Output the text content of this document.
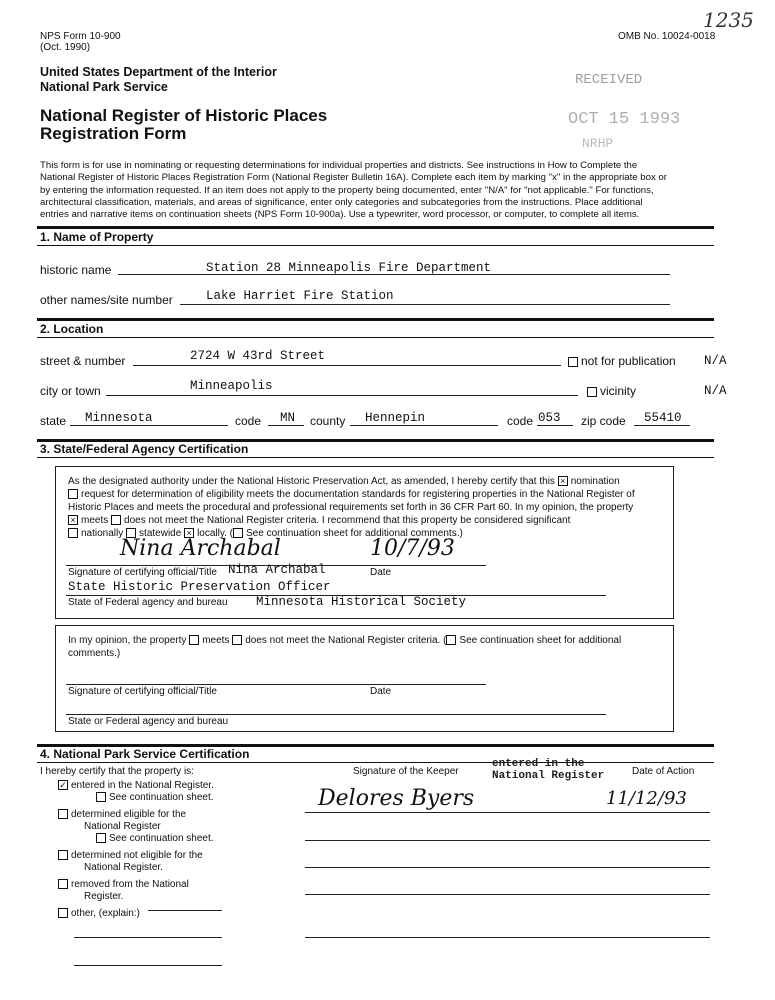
NPS Form 10-900
(Oct. 1990)
OMB No. 10024-0018
1235
United States Department of the Interior
National Park Service
National Register of Historic Places
Registration Form
RECEIVED
OCT 15 1993
NRHP
This form is for use in nominating or requesting determinations for individual properties and districts. See instructions in How to Complete the
National Register of Historic Places Registration Form (National Register Bulletin 16A). Complete each item by marking "x" in the appropriate box or
by entering the information requested. If an item does not apply to the property being documented, enter "N/A" for "not applicable." For functions,
architectural classification, materials, and areas of significance, enter only categories and subcategories from the instructions. Place additional
entries and narrative items on continuation sheets (NPS Form 10-900a). Use a typewriter, word processor, or computer, to complete all items.
1. Name of Property
historic name	Station 28 Minneapolis Fire Department
other names/site number	Lake Harriet Fire Station
2. Location
street & number	2724 W 43rd Street	not for publication N/A
city or town	Minneapolis	vicinity	N/A
state Minnesota	code MN county Hennepin	code 053 zip code 55410
3. State/Federal Agency Certification
As the designated authority under the National Historic Preservation Act, as amended, I hereby certify that this × nomination
request for determination of eligibility meets the documentation standards for registering properties in the National Register of
Historic Places and meets the procedural and professional requirements set forth in 36 CFR Part 60. In my opinion, the property
× meets does not meet the National Register criteria. I recommend that this property be considered significant
nationally statewide × locally. ( See continuation sheet for additional comments.)
Nina Archabal	10/7/93
Signature of certifying official/Title Nina Archabal	Date
State Historic Preservation Officer
State of Federal agency and bureau Minnesota Historical Society
In my opinion, the property meets does not meet the National Register criteria. ( See continuation sheet for additional
comments.)
Signature of certifying official/Title	Date
State or Federal agency and bureau
4. National Park Service Certification
I hereby certify that the property is:	Signature of the Keeper	Date of Action
entered in the
National Register
Delores Byers	11/12/93
✓ entered in the National Register.
See continuation sheet.
determined eligible for the
National Register
See continuation sheet.
determined not eligible for the
National Register.
removed from the National
Register.
other, (explain:)
